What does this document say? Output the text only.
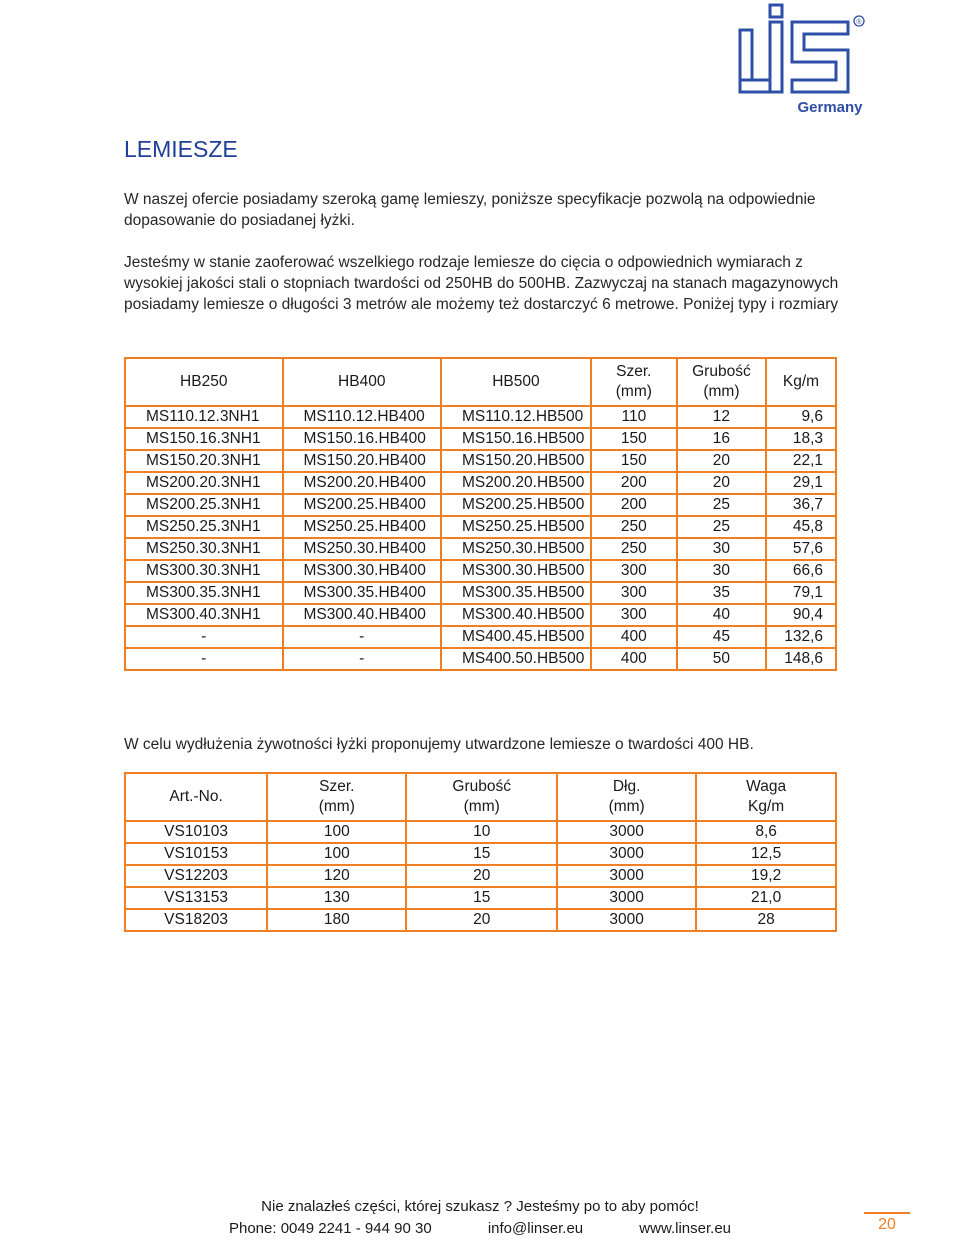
®
Germany
LEMIESZE

W naszej ofercie posiadamy szeroką gamę lemieszy, poniższe specyfikacje pozwolą na odpowiednie dopasowanie do posiadanej łyżki.

Jesteśmy w stanie zaoferować wszelkiego rodzaje lemiesze do cięcia o odpowiednich wymiarach z wysokiej jakości stali o stopniach twardości od 250HB do 500HB. Zazwyczaj na stanach magazynowych posiadamy lemiesze o długości 3 metrów ale możemy też dostarczyć 6 metrowe. Poniżej typy i rozmiary

HB250	HB400	HB500	Szer.
(mm)	Grubość
(mm)	Kg/m
MS110.12.3NH1	MS110.12.HB400	MS110.12.HB500	110	12	9,6
MS150.16.3NH1	MS150.16.HB400	MS150.16.HB500	150	16	18,3
MS150.20.3NH1	MS150.20.HB400	MS150.20.HB500	150	20	22,1
MS200.20.3NH1	MS200.20.HB400	MS200.20.HB500	200	20	29,1
MS200.25.3NH1	MS200.25.HB400	MS200.25.HB500	200	25	36,7
MS250.25.3NH1	MS250.25.HB400	MS250.25.HB500	250	25	45,8
MS250.30.3NH1	MS250.30.HB400	MS250.30.HB500	250	30	57,6
MS300.30.3NH1	MS300.30.HB400	MS300.30.HB500	300	30	66,6
MS300.35.3NH1	MS300.35.HB400	MS300.35.HB500	300	35	79,1
MS300.40.3NH1	MS300.40.HB400	MS300.40.HB500	300	40	90,4
-	-	MS400.45.HB500	400	45	132,6
-	-	MS400.50.HB500	400	50	148,6

W celu wydłużenia żywotności łyżki proponujemy utwardzone lemiesze o twardości 400 HB.

Art.-No.	Szer.
(mm)	Grubość
(mm)	Dłg.
(mm)	Waga
Kg/m
VS10103	100	10	3000	8,6
VS10153	100	15	3000	12,5
VS12203	120	20	3000	19,2
VS13153	130	15	3000	21,0
VS18203	180	20	3000	28
Nie znalazłeś części, której szukasz ? Jesteśmy po to aby pomóc!
Phone: 0049 2241 - 944 90 30	info@linser.eu	www.linser.eu	20
